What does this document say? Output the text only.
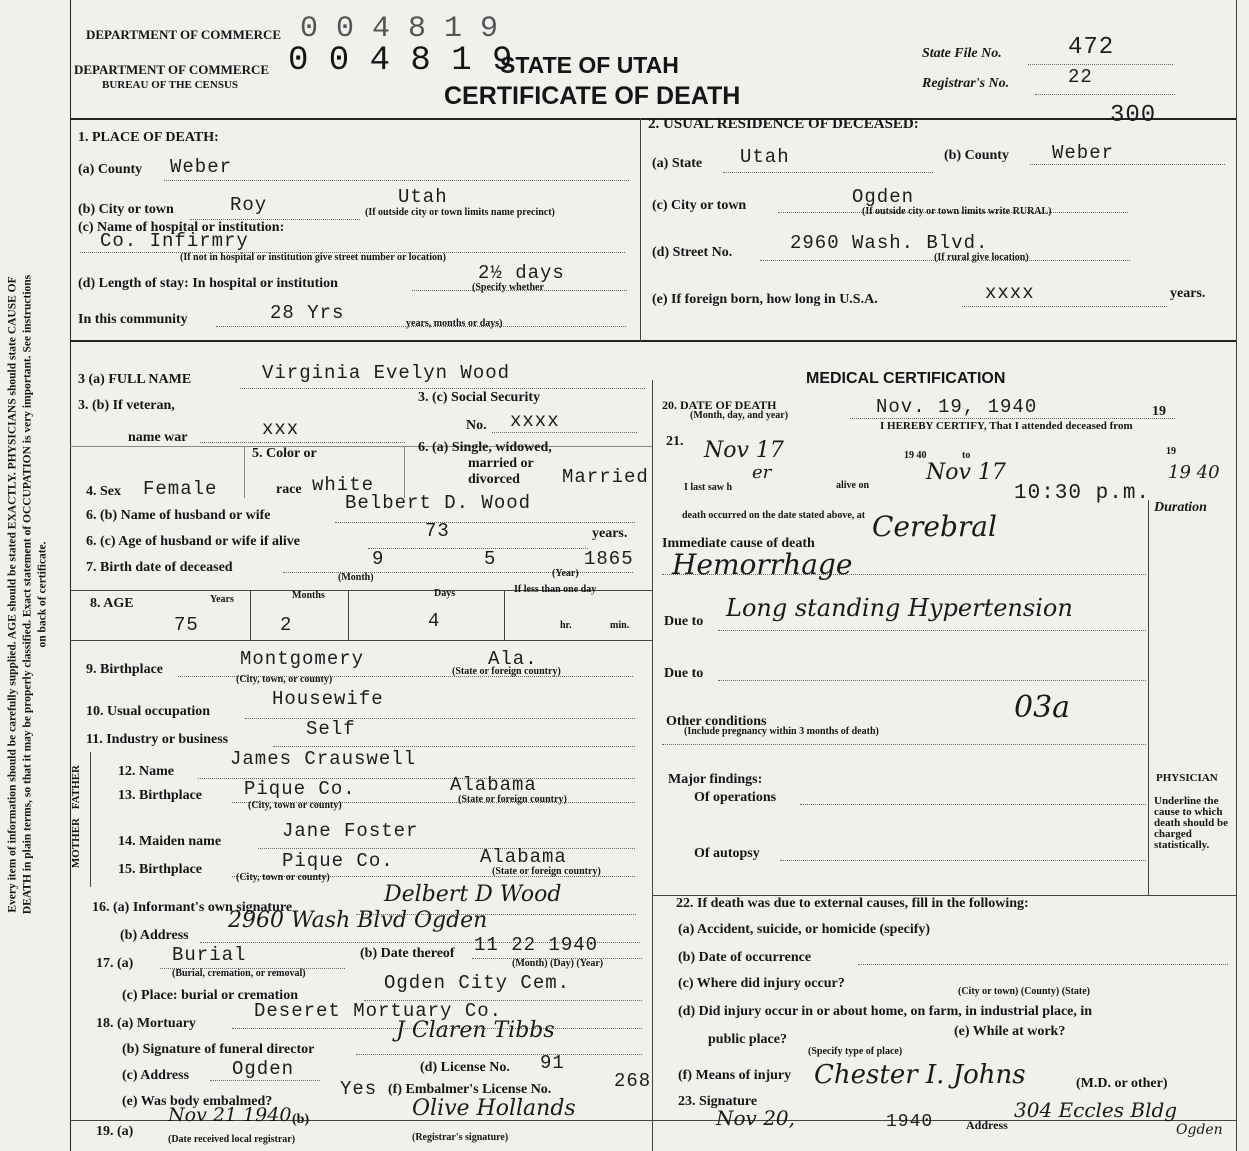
Every item of information should be carefully supplied. AGE should be stated EXACTLY. PHYSICIANS should state CAUSE OF DEATH in plain terms, so that it may be properly classified. Exact statement of OCCUPATION is very important. See instructions on back of certificate.
DEPARTMENT OF COMMERCE 0 0 4 8 1 9
DEPARTMENT OF COMMERCE
BUREAU OF THE CENSUS
0 0 4 8 1 9
STATE OF UTAH
CERTIFICATE OF DEATH
State File No.	472
Registrar's No.	22
300
1. PLACE OF DEATH:
(a) County Weber
(b) City or town	Roy	Utah
(If outside city or town limits name precinct)
(c) Name of hospital or institution:
Co. Infirmry
(If not in hospital or institution give street number or location)
(d) Length of stay: In hospital or institution	2½ days
(Specify whether
In this community	28 Yrs	years, months or days)
2. USUAL RESIDENCE OF DECEASED:
(a) State Utah	(b) County Weber
(c) City or town	Ogden
(If outside city or town limits write RURAL)
(d) Street No.	2960 Wash. Blvd.
(If rural give location)
(e) If foreign born, how long in U.S.A.	xxxx	years.
3 (a) FULL NAME	Virginia Evelyn Wood
3. (b) If veteran,
name war	xxx
3. (c) Social Security
No. xxxx
4. Sex Female
5. Color or
race white
6. (a) Single, widowed,
married or
divorced Married
6. (b) Name of husband or wife
Belbert D. Wood
6. (c) Age of husband or wife if alive	73	years.
7. Birth date of deceased	9	5	1865
(Month)	(Year)
8. AGE	Years	Months	Days	If less than one day
75	2	4	hr.	min.
9. Birthplace	Montgomery	Ala.
(City, town, or county)
(State or foreign country)
10. Usual occupation
Housewife
11. Industry or business	Self
FATHER
MOTHER
12. Name
James Crauswell
13. Birthplace Pique Co.	Alabama
(City, town or county)
(State or foreign country)
14. Maiden name	Jane Foster
15. Birthplace	Pique Co.	Alabama
(City, town or county)
(State or foreign country)
16. (a) Informant's own signature
Delbert D Wood
(b) Address
2960 Wash Blvd Ogden
17. (a) Burial
(Burial, cremation, or removal)
(b) Date thereof 11 22 1940
(Month) (Day) (Year)
(c) Place: burial or cremation
Ogden City Cem.
18. (a) Mortuary
Deseret Mortuary Co.
(b) Signature of funeral director
J Claren Tibbs
(c) Address Ogden	(d) License No. 91
(e) Was body embalmed?
Yes (f) Embalmer's License No.	268
19. (a)
Nov 21 1940 (b)
(Date received local registrar)
Olive Hollands
(Registrar's signature)
MEDICAL CERTIFICATION
20. DATE OF DEATH
(Month, day, and year)	Nov. 19, 1940	19
21.
I HEREBY CERTIFY, That I attended deceased from
Nov 17	19 40	to	19
I last saw h
er
alive on
Nov 17	19 40
death occurred on the date stated above, at
10:30 p.m.
Duration
Immediate cause of death
Cerebral
Hemorrhage
Due to Long standing Hypertension
Due to
03a
Other conditions
(Include pregnancy within 3 months of death)
Major findings:
Of operations
Of autopsy
PHYSICIAN
Underline the cause to which death should be charged statistically.
22. If death was due to external causes, fill in the following:
(a) Accident, suicide, or homicide (specify)
(b) Date of occurrence
(c) Where did injury occur?
(City or town) (County) (State)
(d) Did injury occur in or about home, on farm, in industrial place, in
public place?
(Specify type of place)
(e) While at work?
(f) Means of injury
23. Signature
Chester I. Johns	(M.D. or other)
Nov 20,	1940	Address
304 Eccles Bldg
Ogden
